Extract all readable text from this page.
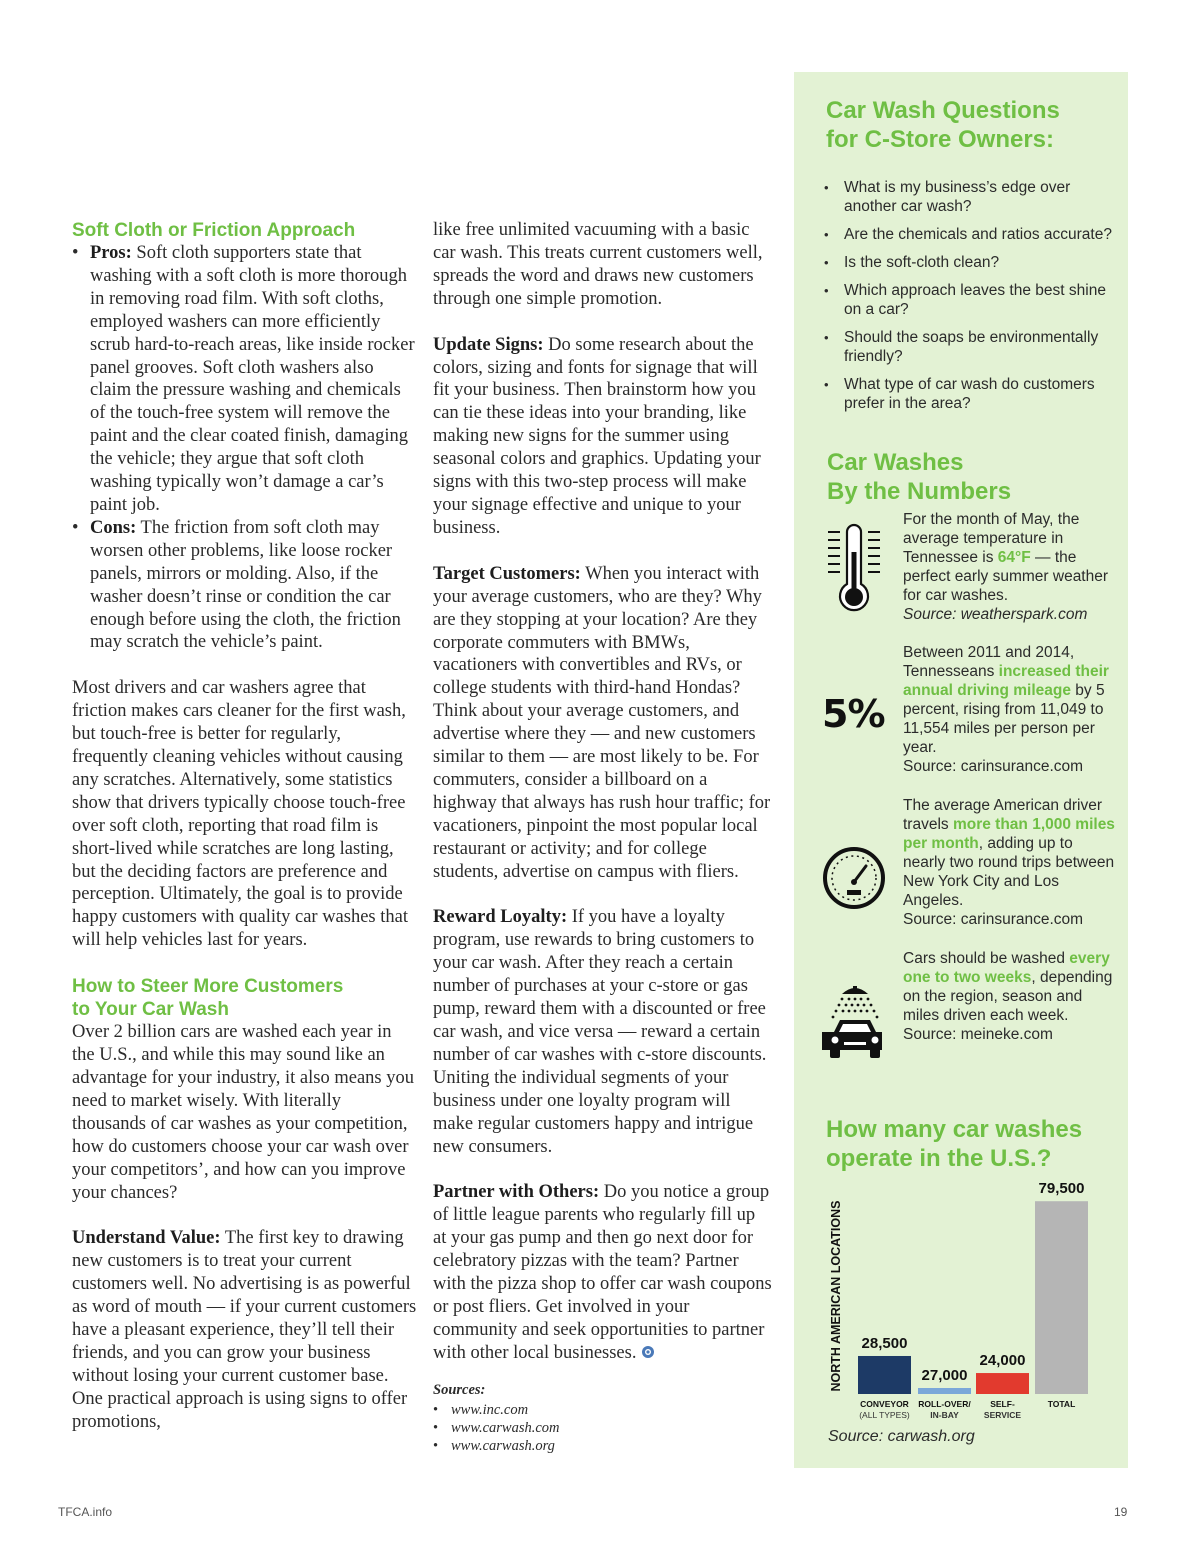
Soft Cloth or Friction Approach

• Pros: Soft cloth supporters state that washing with a soft cloth is more thorough in removing road film. With soft cloths, employed washers can more efficiently scrub hard-to-reach areas, like inside rocker panel grooves. Soft cloth washers also claim the pressure washing and chemicals of the touch-free system will remove the paint and the clear coated finish, damaging the vehicle; they argue that soft cloth washing typically won’t damage a car’s paint job.
• Cons: The friction from soft cloth may worsen other problems, like loose rocker panels, mirrors or molding. Also, if the washer doesn’t rinse or condition the car enough before using the cloth, the friction may scratch the vehicle’s paint.

Most drivers and car washers agree that friction makes cars cleaner for the first wash, but touch-free is better for regularly, frequently cleaning vehicles without causing any scratches. Alternatively, some statistics show that drivers typically choose touch-free over soft cloth, reporting that road film is short-lived while scratches are long lasting, but the deciding factors are preference and perception. Ultimately, the goal is to provide happy customers with quality car washes that will help vehicles last for years.

How to Steer More Customers
to Your Car Wash

Over 2 billion cars are washed each year in the U.S., and while this may sound like an advantage for your industry, it also means you need to market wisely. With literally thousands of car washes as your competition, how do customers choose your car wash over your competitors’, and how can you improve your chances?

Understand Value: The first key to drawing new customers is to treat your current customers well. No advertising is as powerful as word of mouth — if your current customers have a pleasant experience, they’ll tell their friends, and you can grow your business without losing your current customer base. One practical approach is using signs to offer promotions,

like free unlimited vacuuming with a basic car wash. This treats current customers well, spreads the word and draws new customers through one simple promotion.

Update Signs: Do some research about the colors, sizing and fonts for signage that will fit your business. Then brainstorm how you can tie these ideas into your branding, like making new signs for the summer using seasonal colors and graphics. Updating your signs with this two-step process will make your signage effective and unique to your business.

Target Customers: When you interact with your average customers, who are they? Why are they stopping at your location? Are they corporate commuters with BMWs, vacationers with convertibles and RVs, or college students with third-hand Hondas? Think about your average customers, and advertise where they — and new customers similar to them — are most likely to be. For commuters, consider a billboard on a highway that always has rush hour traffic; for vacationers, pinpoint the most popular local restaurant or activity; and for college students, advertise on campus with fliers.

Reward Loyalty: If you have a loyalty program, use rewards to bring customers to your car wash. After they reach a certain number of purchases at your c-store or gas pump, reward them with a discounted or free car wash, and vice versa — reward a certain number of car washes with c-store discounts. Uniting the individual segments of your business under one loyalty program will make regular customers happy and intrigue new consumers.

Partner with Others: Do you notice a group of little league parents who regularly fill up at your gas pump and then go next door for celebratory pizzas with the team? Partner with the pizza shop to offer car wash coupons or post fliers. Get involved in your community and seek opportunities to partner with other local businesses.

Sources:
• www.inc.com
• www.carwash.com
• www.carwash.org
Car Wash Questions
for C-Store Owners:
• What is my business’s edge over another car wash?
• Are the chemicals and ratios accurate?
• Is the soft-cloth clean?
• Which approach leaves the best shine on a car?
• Should the soaps be environmentally friendly?
• What type of car wash do customers prefer in the area?
Car Washes
By the Numbers
For the month of May, the average temperature in Tennessee is 64°F — the perfect early summer weather for car washes.
Source: weatherspark.com
5%
Between 2011 and 2014, Tennesseans increased their annual driving mileage by 5 percent, rising from 11,049 to 11,554 miles per person per year.
Source: carinsurance.com
The average American driver travels more than 1,000 miles per month, adding up to nearly two round trips between New York City and Los Angeles.
Source: carinsurance.com
Cars should be washed every one to two weeks, depending on the region, season and miles driven each week.
Source: meineke.com
How many car washes
operate in the U.S.?
NORTH AMERICAN LOCATIONS 28,500
CONVEYOR
(ALL TYPES)
27,000
ROLL-OVER/
IN-BAY
24,000
SELF-
SERVICE
79,500
TOTAL
Source: carwash.org
TFCA.info	19
